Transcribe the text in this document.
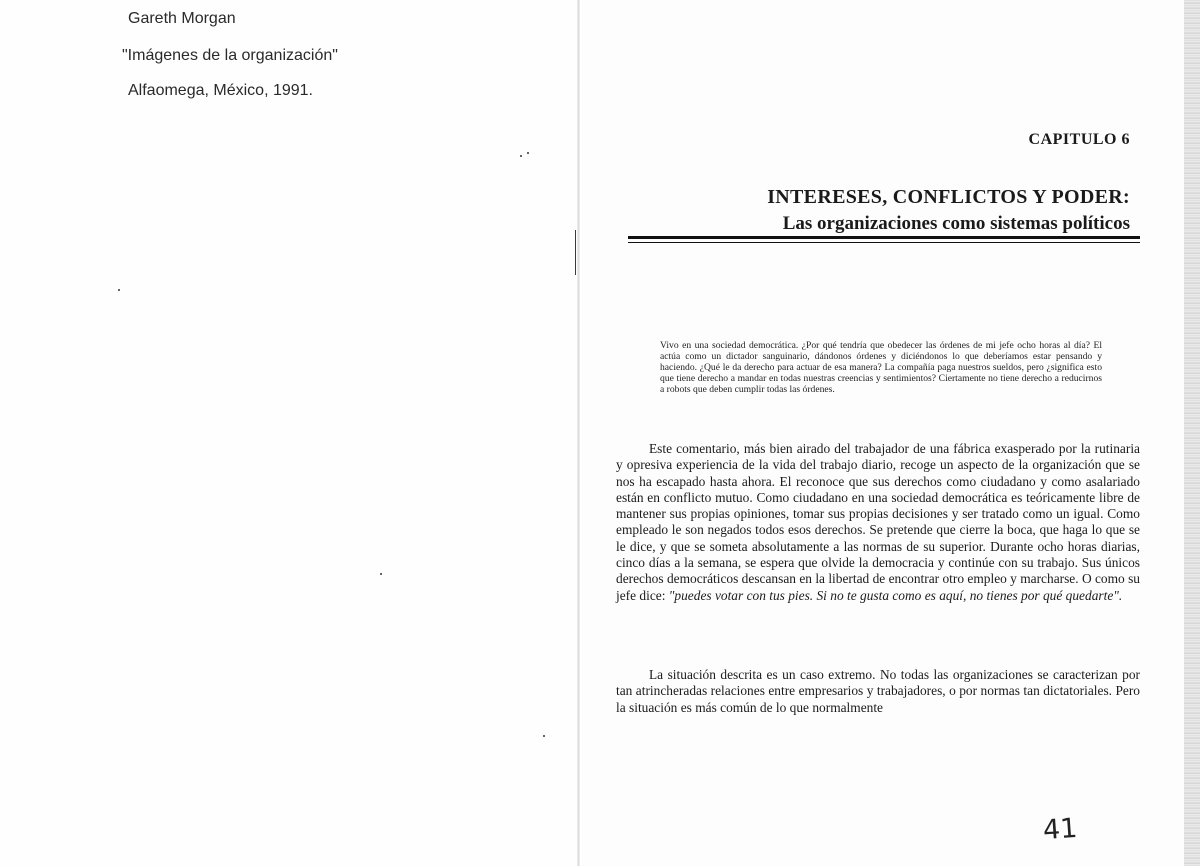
Gareth Morgan
"Imágenes de la organización"
Alfaomega, México, 1991.
CAPITULO 6
INTERESES, CONFLICTOS Y PODER:
Las organizaciones como sistemas políticos
Vivo en una sociedad democrática. ¿Por qué tendría que obedecer las órdenes de mi jefe ocho horas al día? El actúa como un dictador sanguinario, dándonos órdenes y diciéndonos lo que deberíamos estar pensando y haciendo. ¿Qué le da derecho para actuar de esa manera? La compañía paga nuestros sueldos, pero ¿significa esto que tiene derecho a mandar en todas nuestras creencias y sentimientos? Ciertamente no tiene derecho a reducirnos a robots que deben cumplir todas las órdenes.
Este comentario, más bien airado del trabajador de una fábrica exasperado por la rutinaria y opresiva experiencia de la vida del trabajo diario, recoge un aspecto de la organización que se nos ha escapado hasta ahora. El reconoce que sus derechos como ciudadano y como asalariado están en conflicto mutuo. Como ciudadano en una sociedad democrática es teóricamente libre de mantener sus propias opiniones, tomar sus propias decisiones y ser tratado como un igual. Como empleado le son negados todos esos derechos. Se pretende que cierre la boca, que haga lo que se le dice, y que se someta absolutamente a las normas de su superior. Durante ocho horas diarias, cinco días a la semana, se espera que olvide la democracia y continúe con su trabajo. Sus únicos derechos democráticos descansan en la libertad de encontrar otro empleo y marcharse. O como su jefe dice: "puedes votar con tus pies. Si no te gusta como es aquí, no tienes por qué quedarte".
La situación descrita es un caso extremo. No todas las organizaciones se caracterizan por tan atrincheradas relaciones entre empresarios y trabajadores, o por normas tan dictatoriales. Pero la situación es más común de lo que normalmente
41
